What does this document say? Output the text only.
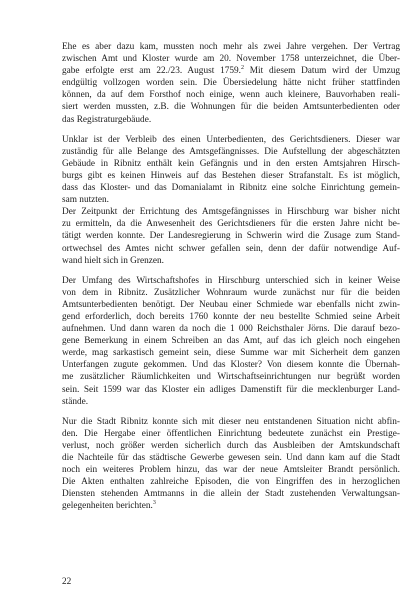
Ehe es aber dazu kam, mussten noch mehr als zwei Jahre vergehen. Der Vertrag
zwischen Amt und Kloster wurde am 20. November 1758 unterzeichnet, die Über-
gabe erfolgte erst am 22./23. August 1759.$^2$ Mit diesem Datum wird der Umzug
endgültig vollzogen worden sein. Die Übersiedelung hätte nicht früher stattfinden
können, da auf dem Forsthof noch einige, wenn auch kleinere, Bauvorhaben reali-
siert werden mussten, z.B. die Wohnungen für die beiden Amtsunterbedienten oder
das Registraturgebäude.

Unklar ist der Verbleib des einen Unterbedienten, des Gerichtsdieners. Dieser war
zuständig für alle Belange des Amtsgefängnisses. Die Aufstellung der abgeschätzten
Gebäude in Ribnitz enthält kein Gefängnis und in den ersten Amtsjahren Hirsch-
burgs gibt es keinen Hinweis auf das Bestehen dieser Strafanstalt. Es ist möglich,
dass das Kloster- und das Domanialamt in Ribnitz eine solche Einrichtung gemein-
sam nutzten.

Der Zeitpunkt der Errichtung des Amtsgefängnisses in Hirschburg war bisher nicht
zu ermitteln, da die Anwesenheit des Gerichtsdieners für die ersten Jahre nicht be-
tätigt werden konnte. Der Landesregierung in Schwerin wird die Zusage zum Stand-
ortwechsel des Amtes nicht schwer gefallen sein, denn der dafür notwendige Auf-
wand hielt sich in Grenzen.

Der Umfang des Wirtschaftshofes in Hirschburg unterschied sich in keiner Weise
von dem in Ribnitz. Zusätzlicher Wohnraum wurde zunächst nur für die beiden
Amtsunterbedienten benötigt. Der Neubau einer Schmiede war ebenfalls nicht zwin-
gend erforderlich, doch bereits 1760 konnte der neu bestellte Schmied seine Arbeit
aufnehmen. Und dann waren da noch die 1 000 Reichsthaler Jörns. Die darauf bezo-
gene Bemerkung in einem Schreiben an das Amt, auf das ich gleich noch eingehen
werde, mag sarkastisch gemeint sein, diese Summe war mit Sicherheit dem ganzen
Unterfangen zugute gekommen. Und das Kloster? Von diesem konnte die Übernah-
me zusätzlicher Räumlichkeiten und Wirtschaftseinrichtungen nur begrüßt worden
sein. Seit 1599 war das Kloster ein adliges Damenstift für die mecklenburger Land-
stände.

Nur die Stadt Ribnitz konnte sich mit dieser neu entstandenen Situation nicht abfin-
den. Die Hergabe einer öffentlichen Einrichtung bedeutete zunächst ein Prestige-
verlust, noch größer werden sicherlich durch das Ausbleiben der Amtskundschaft
die Nachteile für das städtische Gewerbe gewesen sein. Und dann kam auf die Stadt
noch ein weiteres Problem hinzu, das war der neue Amtsleiter Brandt persönlich.
Die Akten enthalten zahlreiche Episoden, die von Eingriffen des in herzoglichen
Diensten stehenden Amtmanns in die allein der Stadt zustehenden Verwaltungsan-
gelegenheiten berichten.$^3$

22
